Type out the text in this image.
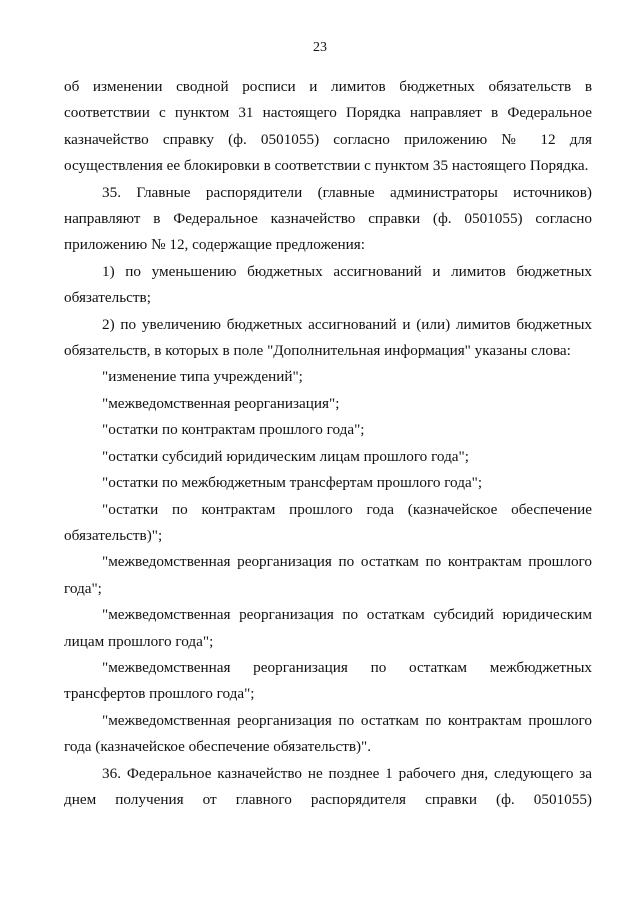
23

об изменении сводной росписи и лимитов бюджетных обязательств в соответствии с пунктом 31 настоящего Порядка направляет в Федеральное казначейство справку (ф. 0501055) согласно приложению № 12 для осуществления ее блокировки в соответствии с пунктом 35 настоящего Порядка.

35. Главные распорядители (главные администраторы источников) направляют в Федеральное казначейство справки (ф. 0501055) согласно приложению № 12, содержащие предложения:

1) по уменьшению бюджетных ассигнований и лимитов бюджетных обязательств;

2) по увеличению бюджетных ассигнований и (или) лимитов бюджетных обязательств, в которых в поле "Дополнительная информация" указаны слова:

"изменение типа учреждений";

"межведомственная реорганизация";

"остатки по контрактам прошлого года";

"остатки субсидий юридическим лицам прошлого года";

"остатки по межбюджетным трансфертам прошлого года";

"остатки по контрактам прошлого года (казначейское обеспечение обязательств)";

"межведомственная реорганизация по остаткам по контрактам прошлого года";

"межведомственная реорганизация по остаткам субсидий юридическим лицам прошлого года";

"межведомственная реорганизация по остаткам межбюджетных трансфертов прошлого года";

"межведомственная реорганизация по остаткам по контрактам прошлого года (казначейское обеспечение обязательств)".

36. Федеральное казначейство не позднее 1 рабочего дня, следующего за днем получения от главного распорядителя справки (ф. 0501055)
